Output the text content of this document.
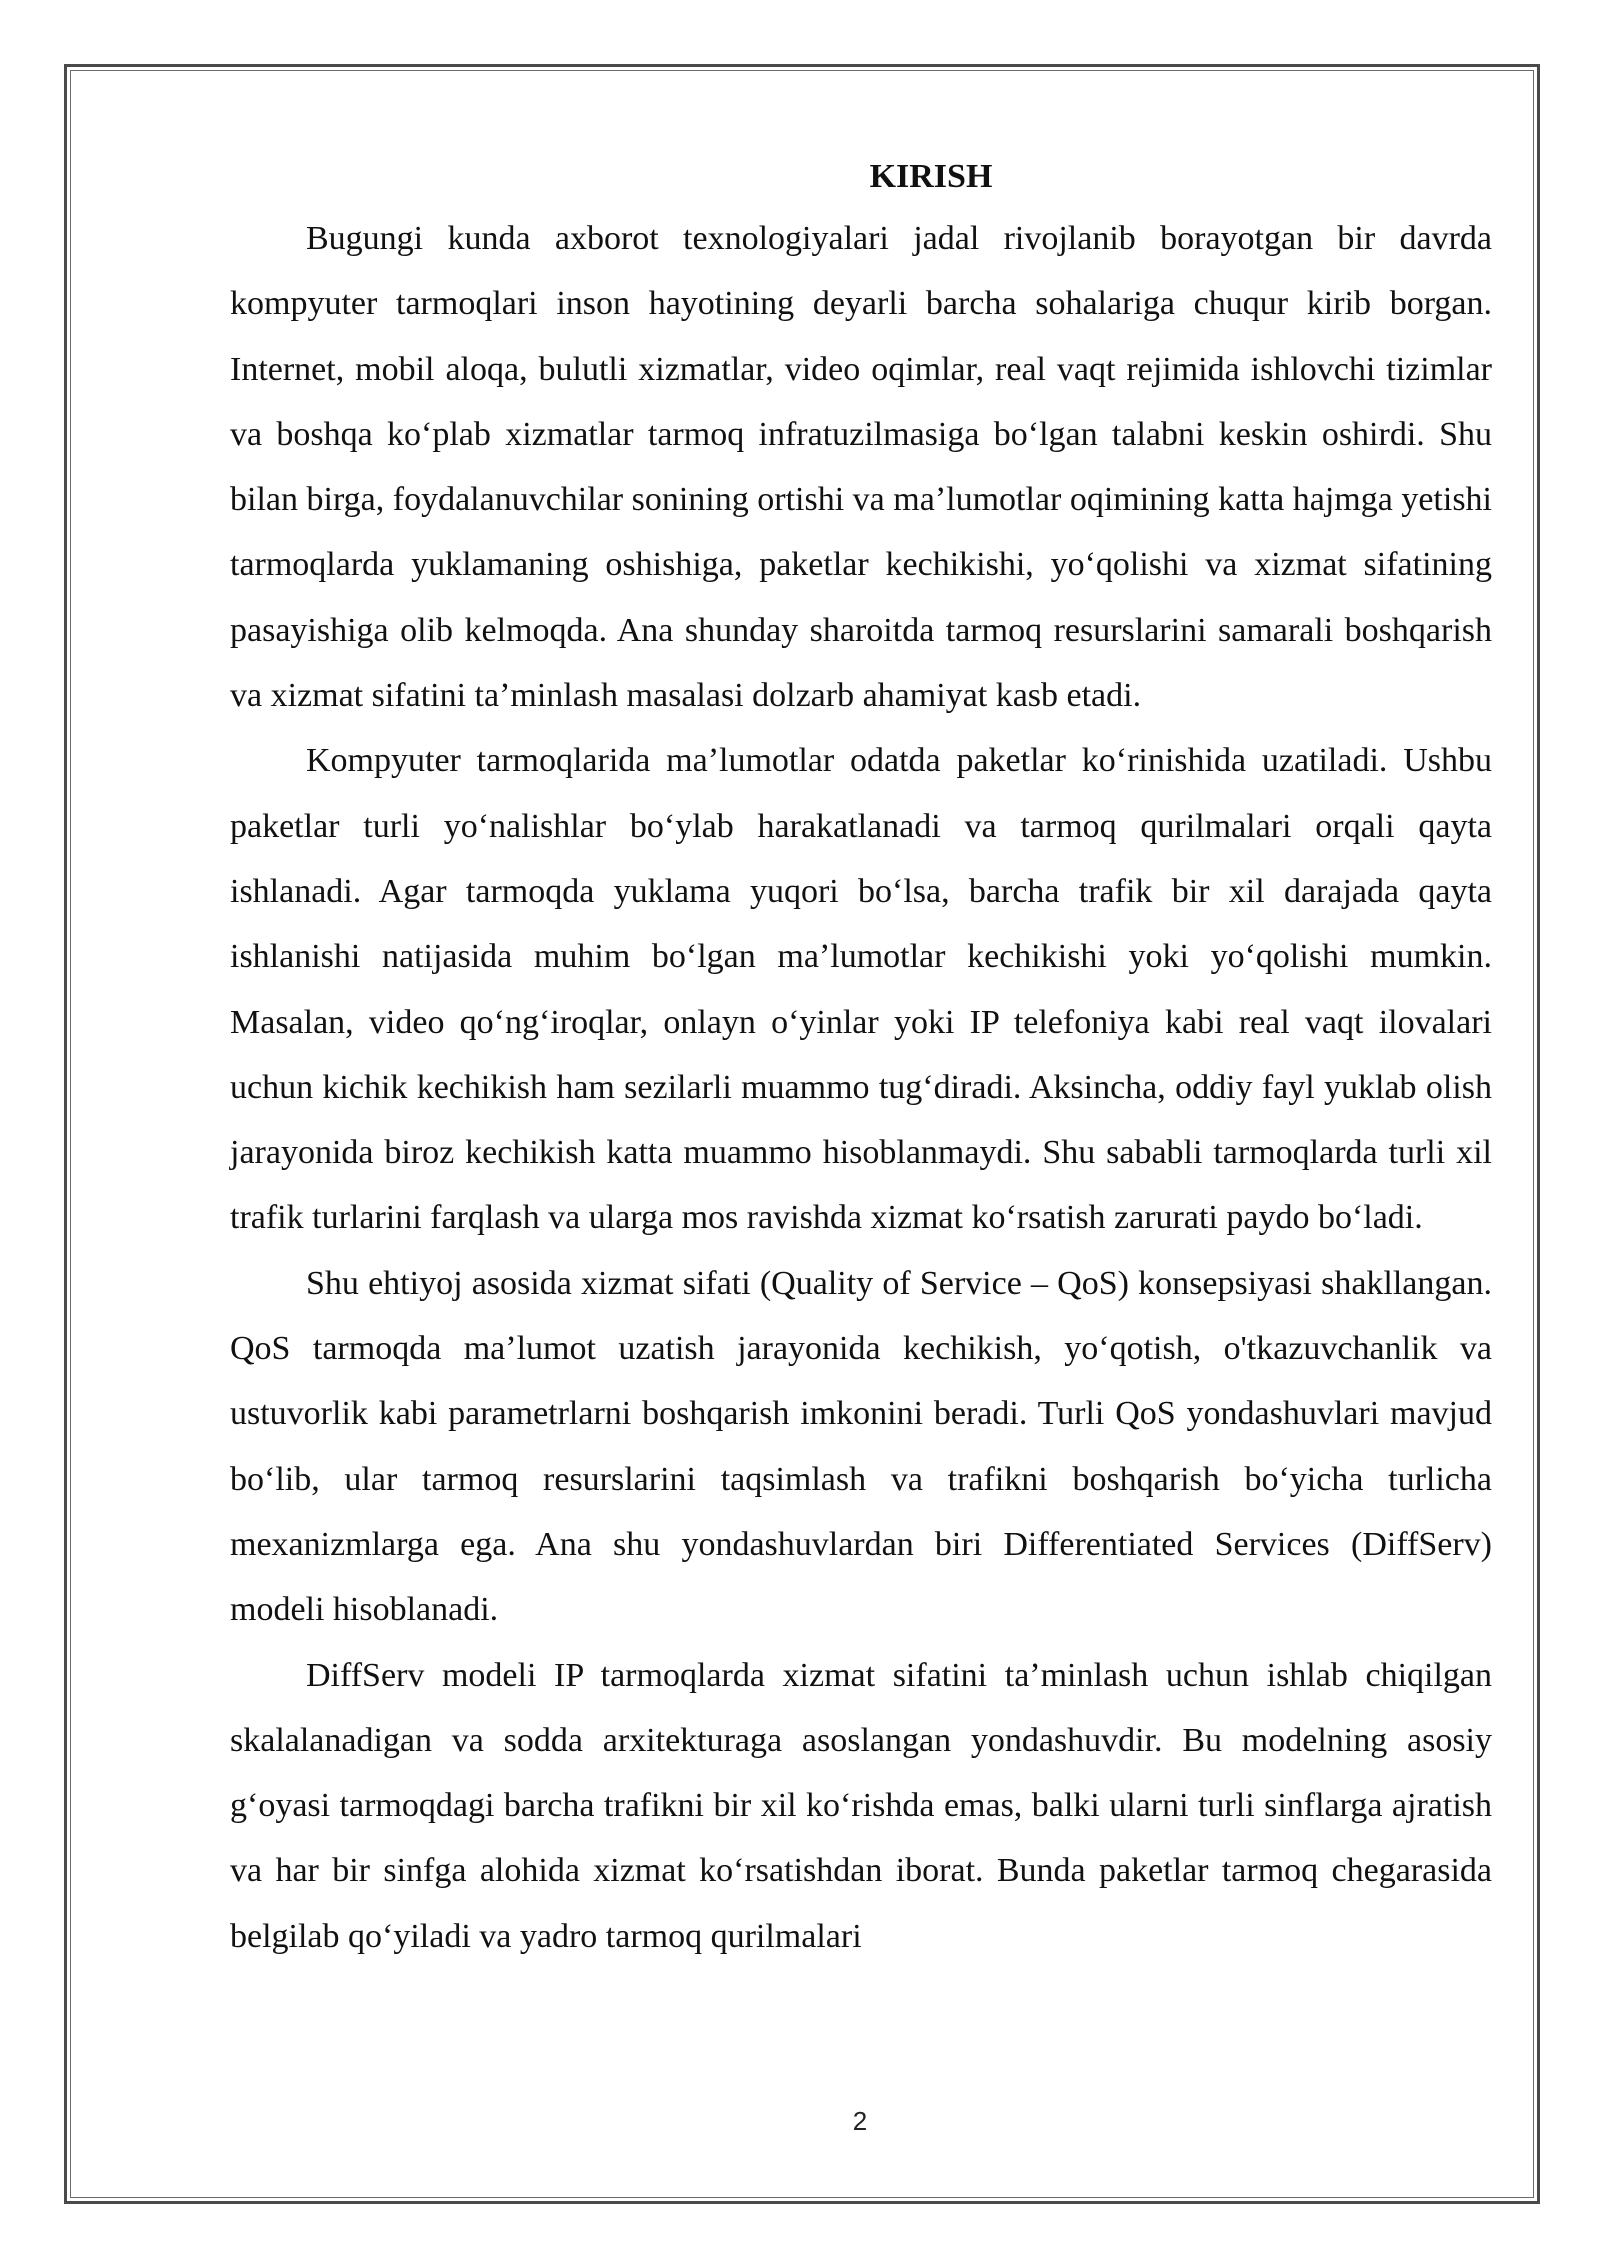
KIRISH

Bugungi kunda axborot texnologiyalari jadal rivojlanib borayotgan bir davrda kompyuter tarmoqlari inson hayotining deyarli barcha sohalariga chuqur kirib borgan. Internet, mobil aloqa, bulutli xizmatlar, video oqimlar, real vaqt rejimida ishlovchi tizimlar va boshqa koʻplab xizmatlar tarmoq infratuzilmasiga boʻlgan talabni keskin oshirdi. Shu bilan birga, foydalanuvchilar sonining ortishi va maʼlumotlar oqimining katta hajmga yetishi tarmoqlarda yuklamaning oshishiga, paketlar kechikishi, yoʻqolishi va xizmat sifatining pasayishiga olib kelmoqda. Ana shunday sharoitda tarmoq resurslarini samarali boshqarish va xizmat sifatini taʼminlash masalasi dolzarb ahamiyat kasb etadi.

Kompyuter tarmoqlarida maʼlumotlar odatda paketlar koʻrinishida uzatiladi. Ushbu paketlar turli yoʻnalishlar boʻylab harakatlanadi va tarmoq qurilmalari orqali qayta ishlanadi. Agar tarmoqda yuklama yuqori boʻlsa, barcha trafik bir xil darajada qayta ishlanishi natijasida muhim boʻlgan maʼlumotlar kechikishi yoki yoʻqolishi mumkin. Masalan, video qoʻngʻiroqlar, onlayn oʻyinlar yoki IP telefoniya kabi real vaqt ilovalari uchun kichik kechikish ham sezilarli muammo tugʻdiradi. Aksincha, oddiy fayl yuklab olish jarayonida biroz kechikish katta muammo hisoblanmaydi. Shu sababli tarmoqlarda turli xil trafik turlarini farqlash va ularga mos ravishda xizmat koʻrsatish zarurati paydo boʻladi.

Shu ehtiyoj asosida xizmat sifati (Quality of Service – QoS) konsepsiyasi shakllangan. QoS tarmoqda maʼlumot uzatish jarayonida kechikish, yoʻqotish, o'tkazuvchanlik va ustuvorlik kabi parametrlarni boshqarish imkonini beradi. Turli QoS yondashuvlari mavjud boʻlib, ular tarmoq resurslarini taqsimlash va trafikni boshqarish boʻyicha turlicha mexanizmlarga ega. Ana shu yondashuvlardan biri Differentiated Services (DiffServ) modeli hisoblanadi.

DiffServ modeli IP tarmoqlarda xizmat sifatini taʼminlash uchun ishlab chiqilgan skalalanadigan va sodda arxitekturaga asoslangan yondashuvdir. Bu modelning asosiy gʻoyasi tarmoqdagi barcha trafikni bir xil koʻrishda emas, balki ularni turli sinflarga ajratish va har bir sinfga alohida xizmat koʻrsatishdan iborat. Bunda paketlar tarmoq chegarasida belgilab qoʻyiladi va yadro tarmoq qurilmalari

2
